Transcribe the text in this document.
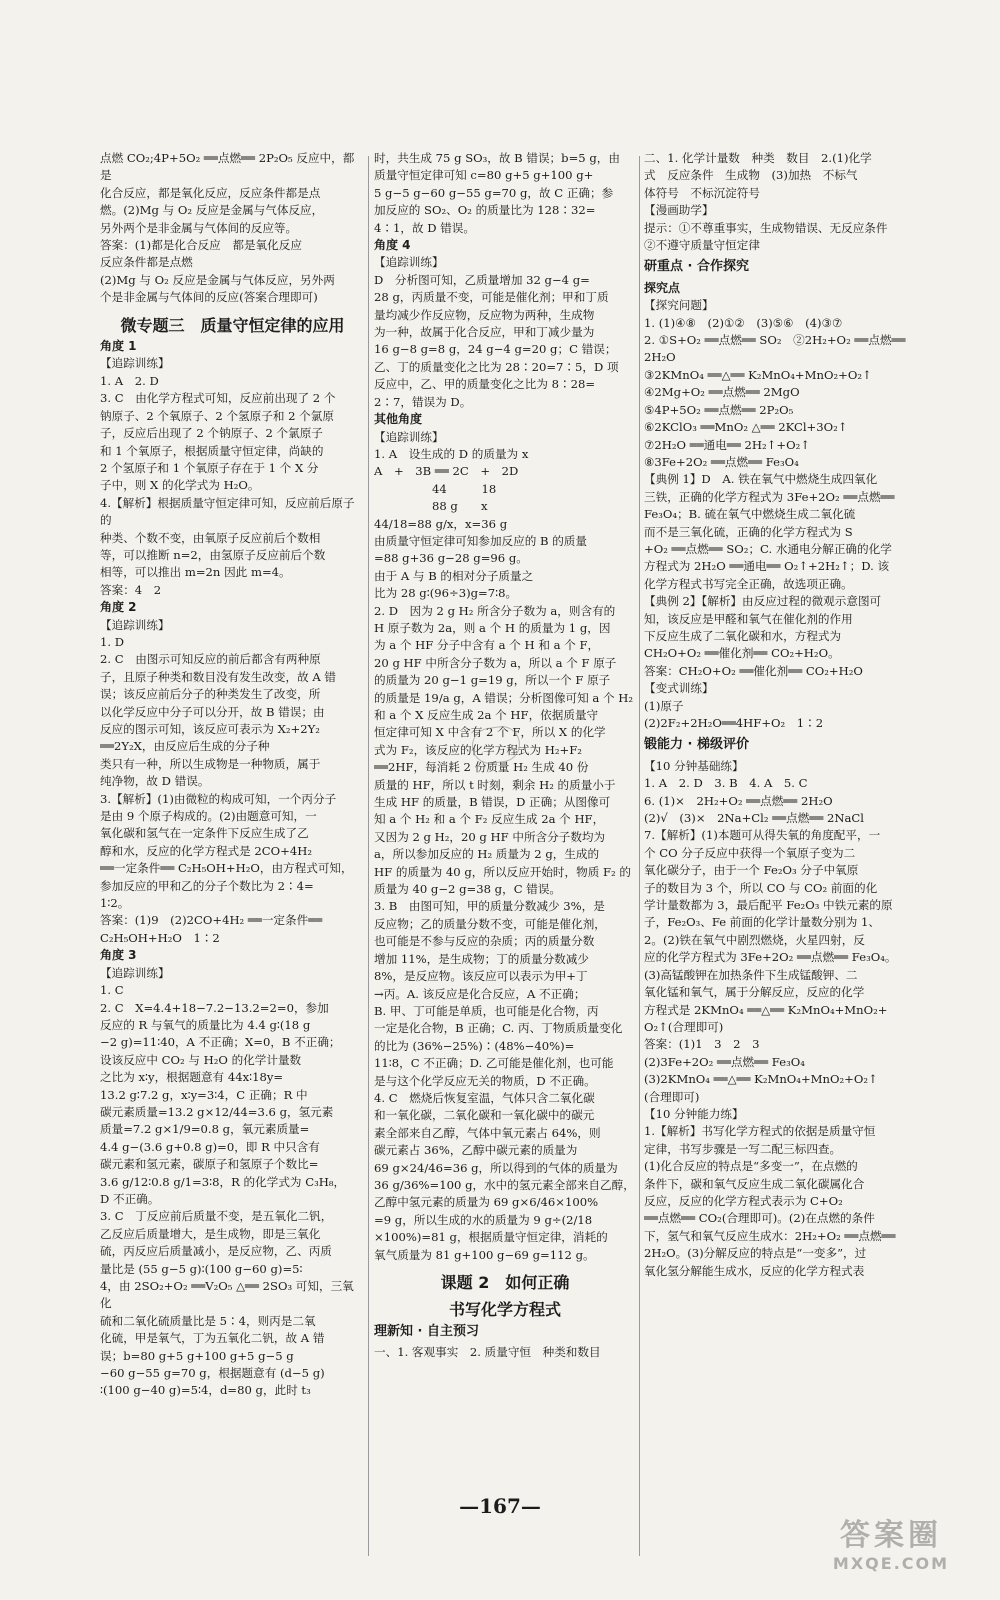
点燃 CO₂;4P+5O₂ ══点燃══ 2P₂O₅ 反应中，都是
化合反应，都是氧化反应，反应条件都是点
燃。(2)Mg 与 O₂ 反应是金属与气体反应，
另外两个是非金属与气体间的反应等。
答案：(1)都是化合反应　都是氧化反应
反应条件都是点燃
(2)Mg 与 O₂ 反应是金属与气体反应，另外两
个是非金属与气体间的反应(答案合理即可)
微专题三　质量守恒定律的应用
角度 1
【追踪训练】
1. A　2. D
3. C　由化学方程式可知，反应前出现了 2 个
钠原子、2 个氧原子、2 个氢原子和 2 个氯原
子，反应后出现了 2 个钠原子、2 个氯原子
和 1 个氧原子，根据质量守恒定律，尚缺的
2 个氢原子和 1 个氧原子存在于 1 个 X 分
子中，则 X 的化学式为 H₂O。
4.【解析】根据质量守恒定律可知，反应前后原子的
种类、个数不变，由氧原子反应前后个数相
等，可以推断 n=2，由氢原子反应前后个数
相等，可以推出 m=2n 因此 m=4。
答案：4　2
角度 2
【追踪训练】
1. D
2. C　由图示可知反应的前后都含有两种原
子，且原子种类和数目没有发生改变，故 A 错
误；该反应前后分子的种类发生了改变，所
以化学反应中分子可以分开，故 B 错误；由
反应的图示可知，该反应可表示为 X₂+2Y₂
══2Y₂X，由反应后生成的分子种
类只有一种，所以生成物是一种物质，属于
纯净物，故 D 错误。
3.【解析】(1)由微粒的构成可知，一个丙分子
是由 9 个原子构成的。(2)由题意可知，一
氧化碳和氢气在一定条件下反应生成了乙
醇和水，反应的化学方程式是 2CO+4H₂
══一定条件══ C₂H₅OH+H₂O，由方程式可知，
参加反应的甲和乙的分子个数比为 2∶4=
1∶2。
答案：(1)9　(2)2CO+4H₂ ══一定条件══
C₂H₅OH+H₂O　1∶2
角度 3
【追踪训练】
1. C
2. C　X=4.4+18−7.2−13.2=2=0，参加
反应的 R 与氧气的质量比为 4.4 g∶(18 g
−2 g)=11∶40，A 不正确；X=0，B 不正确；
设该反应中 CO₂ 与 H₂O 的化学计量数
之比为 x∶y，根据题意有 44x∶18y=
13.2 g∶7.2 g，x∶y=3∶4，C 正确；R 中
碳元素质量=13.2 g×12/44=3.6 g，氢元素
质量=7.2 g×1/9=0.8 g，氧元素质量=
4.4 g−(3.6 g+0.8 g)=0，即 R 中只含有
碳元素和氢元素，碳原子和氢原子个数比=
3.6 g/12∶0.8 g/1=3∶8，R 的化学式为 C₃H₈，
D 不正确。
3. C　丁反应前后质量不变，是五氧化二钒，
乙反应后质量增大，是生成物，即是三氧化
硫，丙反应后质量减小，是反应物，乙、丙质
量比是 (55 g−5 g)∶(100 g−60 g)=5∶
4，由 2SO₂+O₂ ══V₂O₅ △══ 2SO₃ 可知，三氧化
硫和二氧化硫质量比是 5∶4，则丙是二氧
化硫，甲是氧气，丁为五氧化二钒，故 A 错
误；b=80 g+5 g+100 g+5 g−5 g
−60 g−55 g=70 g，根据题意有 (d−5 g)
∶(100 g−40 g)=5∶4，d=80 g，此时 t₃
时，共生成 75 g SO₃，故 B 错误；b=5 g，由
质量守恒定律可知 c=80 g+5 g+100 g+
5 g−5 g−60 g−55 g=70 g，故 C 正确；参
加反应的 SO₂、O₂ 的质量比为 128∶32=
4∶1，故 D 错误。
角度 4
【追踪训练】
D　分析图可知，乙质量增加 32 g−4 g=
28 g，丙质量不变，可能是催化剂；甲和丁质
量均减少作反应物，反应物为两种，生成物
为一种，故属于化合反应，甲和丁减少量为
16 g−8 g=8 g，24 g−4 g=20 g；C 错误；
乙、丁的质量变化之比为 28∶20=7∶5，D 项
反应中，乙、甲的质量变化之比为 8∶28=
2∶7，错误为 D。
其他角度
【追踪训练】
1. A　设生成的 D 的质量为 x
A　+　3B ══ 2C　+　2D
　　　　　44　　　18
　　　　　88 g　　x
44/18=88 g/x，x=36 g
由质量守恒定律可知参加反应的 B 的质量
=88 g+36 g−28 g=96 g。
由于 A 与 B 的相对分子质量之
比为 28 g∶(96÷3)g=7∶8。
2. D　因为 2 g H₂ 所含分子数为 a，则含有的
H 原子数为 2a，则 a 个 H 的质量为 1 g，因
为 a 个 HF 分子中含有 a 个 H 和 a 个 F，
20 g HF 中所含分子数为 a，所以 a 个 F 原子
的质量为 20 g−1 g=19 g，所以一个 F 原子
的质量是 19/a g，A 错误；分析图像可知 a 个 H₂
和 a 个 X 反应生成 2a 个 HF，依据质量守
恒定律可知 X 中含有 2 个 F，所以 X 的化学
式为 F₂，该反应的化学方程式为 H₂+F₂
══2HF，每消耗 2 份质量 H₂ 生成 40 份
质量的 HF，所以 t 时刻，剩余 H₂ 的质量小于
生成 HF 的质量，B 错误，D 正确；从图像可
知 a 个 H₂ 和 a 个 F₂ 反应生成 2a 个 HF，
又因为 2 g H₂，20 g HF 中所含分子数均为
a，所以参加反应的 H₂ 质量为 2 g，生成的
HF 的质量为 40 g，所以反应开始时，物质 F₂ 的
质量为 40 g−2 g=38 g，C 错误。
3. B　由图可知，甲的质量分数减少 3%，是
反应物；乙的质量分数不变，可能是催化剂，
也可能是不参与反应的杂质；丙的质量分数
增加 11%，是生成物；丁的质量分数减少
8%，是反应物。该反应可以表示为甲+丁
→丙。A. 该反应是化合反应，A 不正确；
B. 甲、丁可能是单质，也可能是化合物，丙
一定是化合物，B 正确；C. 丙、丁物质质量变化
的比为 (36%−25%)∶(48%−40%)=
11∶8，C 不正确；D. 乙可能是催化剂，也可能
是与这个化学反应无关的物质，D 不正确。
4. C　燃烧后恢复室温，气体只含二氧化碳
和一氧化碳，二氧化碳和一氧化碳中的碳元
素全部来自乙醇，气体中氧元素占 64%，则
碳元素占 36%，乙醇中碳元素的质量为
69 g×24/46=36 g，所以得到的气体的质量为
36 g/36%=100 g，水中的氢元素全部来自乙醇，
乙醇中氢元素的质量为 69 g×6/46×100%
=9 g，所以生成的水的质量为 9 g÷(2/18
×100%)=81 g，根据质量守恒定律，消耗的
氧气质量为 81 g+100 g−69 g=112 g。
课题 2　如何正确
书写化学方程式
理新知 · 自主预习
一、1. 客观事实　2. 质量守恒　种类和数目
二、1. 化学计量数　种类　数目　2.(1)化学
式　反应条件　生成物　(3)加热　不标气
体符号　不标沉淀符号
【漫画助学】
提示：①不尊重事实，生成物错误、无反应条件
②不遵守质量守恒定律
研重点 · 合作探究
探究点
【探究问题】
1. (1)④⑧　(2)①②　(3)⑤⑥　(4)③⑦
2. ①S+O₂ ══点燃══ SO₂　②2H₂+O₂ ══点燃══ 2H₂O
③2KMnO₄ ══△══ K₂MnO₄+MnO₂+O₂↑
④2Mg+O₂ ══点燃══ 2MgO
⑤4P+5O₂ ══点燃══ 2P₂O₅
⑥2KClO₃ ══MnO₂ △══ 2KCl+3O₂↑
⑦2H₂O ══通电══ 2H₂↑+O₂↑
⑧3Fe+2O₂ ══点燃══ Fe₃O₄
【典例 1】D　A. 铁在氧气中燃烧生成四氧化
三铁，正确的化学方程式为 3Fe+2O₂ ══点燃══
Fe₃O₄；B. 硫在氧气中燃烧生成二氧化硫
而不是三氧化硫，正确的化学方程式为 S
+O₂ ══点燃══ SO₂；C. 水通电分解正确的化学
方程式为 2H₂O ══通电══ O₂↑+2H₂↑；D. 该
化学方程式书写完全正确，故选项正确。
【典例 2】【解析】由反应过程的微观示意图可
知，该反应是甲醛和氧气在催化剂的作用
下反应生成了二氧化碳和水，方程式为
CH₂O+O₂ ══催化剂══ CO₂+H₂O。
答案：CH₂O+O₂ ══催化剂══ CO₂+H₂O
【变式训练】
(1)原子
(2)2F₂+2H₂O══4HF+O₂　1∶2
锻能力 · 梯级评价
【10 分钟基础练】
1. A　2. D　3. B　4. A　5. C
6. (1)×　2H₂+O₂ ══点燃══ 2H₂O
(2)√　(3)×　2Na+Cl₂ ══点燃══ 2NaCl
7.【解析】(1)本题可从得失氧的角度配平，一
个 CO 分子反应中获得一个氧原子变为二
氧化碳分子，由于一个 Fe₂O₃ 分子中氧原
子的数目为 3 个，所以 CO 与 CO₂ 前面的化
学计量数都为 3，最后配平 Fe₂O₃ 中铁元素的原
子，Fe₂O₃、Fe 前面的化学计量数分别为 1、
2。(2)铁在氧气中剧烈燃烧，火星四射，反
应的化学方程式为 3Fe+2O₂ ══点燃══ Fe₃O₄。
(3)高锰酸钾在加热条件下生成锰酸钾、二
氧化锰和氧气，属于分解反应，反应的化学
方程式是 2KMnO₄ ══△══ K₂MnO₄+MnO₂+
O₂↑(合理即可)
答案：(1)1　3　2　3
(2)3Fe+2O₂ ══点燃══ Fe₃O₄
(3)2KMnO₄ ══△══ K₂MnO₄+MnO₂+O₂↑
(合理即可)
【10 分钟能力练】
1.【解析】书写化学方程式的依据是质量守恒
定律，书写步骤是一写二配三标四查。
(1)化合反应的特点是“多变一”，在点燃的
条件下，碳和氧气反应生成二氧化碳属化合
反应，反应的化学方程式表示为 C+O₂
══点燃══ CO₂(合理即可)。(2)在点燃的条件
下，氢气和氧气反应生成水：2H₂+O₂ ══点燃══
2H₂O。(3)分解反应的特点是“一变多”，过
氧化氢分解能生成水，反应的化学方程式表
—167—
答案圈
MXQE.COM
